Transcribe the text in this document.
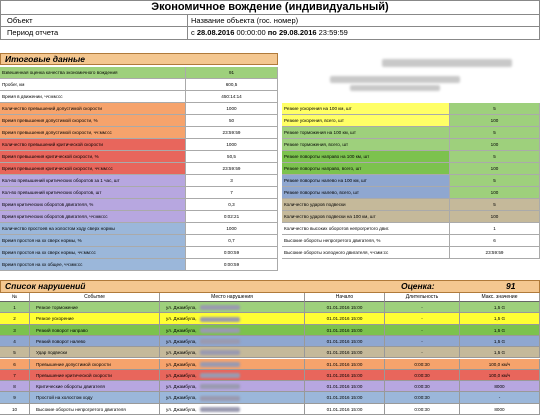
Экономичное вождение (индивидуальный)
Объект	Название объекта (гос. номер)
Период отчета	с 28.08.2016 00:00:00 по 29.08.2016 23:59:59
Итоговые данные
Взвешенная оценка качества экономичного вождения	91
Пробег, км	600,5
Время в движении, чч:мм:сс	450:14:14
Количество превышений допустимой скорости	1000
Время превышения допустимой скорости, %	50
Время превышения допустимой скорости, чч:мм:сс	23:59:59
Количество превышений критической скорости	1000
Время превышения критической скорости, %	50,5
Время превышения критической скорости, чч:мм:сс	23:59:59
Кол-во превышений критических оборотов за 1 час, шт	3
Кол-во превышений критических оборотов, шт	7
Время критических оборотов двигателя, %	0,3
Время критических оборотов двигателя, чч:мм:сс	0:02:21
Количество простоев на холостом ходу сверх нормы	1000
Время простоя на хх сверх нормы, %	0,7
Время простоя на хх сверх нормы, чч:мм:сс	0:00:59
Время простоя на хх общее, чч:мм:сс	0:00:59
Резкие ускорения на 100 км, шт	5
Резкие ускорения, всего, шт	100
Резкие торможения на 100 км, шт	5
Резкие торможения, всего, шт	100
Резкие повороты направо на 100 км, шт	5
Резкие повороты направо, всего, шт	100
Резкие повороты налево на 100 км, шт	5
Резкие повороты налево, всего, шт	100
Количество ударов подвески	5
Количество ударов подвески на 100 км, шт	100
Количество высоких оборотов непрогретого двиг.	1
Высокие обороты непрогретого двигателя, %	6
Высокие обороты холодного двигателя, чч:мм:сс	23:59:59
Список нарушений	Оценка:	91
№	Событие	Место нарушения	Начало	Длительность	Макс. значение
1	Резкое торможение	ул. Джамбула,	01.01.2016 15:00	-	1,5 G
2	Резкое ускорение	ул. Джамбула,	01.01.2016 15:00	-	1,5 G
3	Резкий поворот направо	ул. Джамбула,	01.01.2016 15:00	-	1,5 G
4	Резкий поворот налево	ул. Джамбула,	01.01.2016 15:00	-	1,5 G
5	Удар подвески	ул. Джамбула,	01.01.2016 15:00	-	1,5 G
6	Превышение допустимой скорости	ул. Джамбула,	01.01.2016 15:00	0:00:30	100,0 км/ч
7	Превышение критической скорости	ул. Джамбула,	01.01.2016 15:00	0:00:30	100,0 км/ч
8	Критические обороты двигателя	ул. Джамбула,	01.01.2016 15:00	0:00:30	8000
9	Простой на холостом ходу	ул. Джамбула,	01.01.2016 15:00	0:00:30	-
10	Высокие обороты непрогретого двигателя	ул. Джамбула,	01.01.2016 15:00	0:00:30	8000
